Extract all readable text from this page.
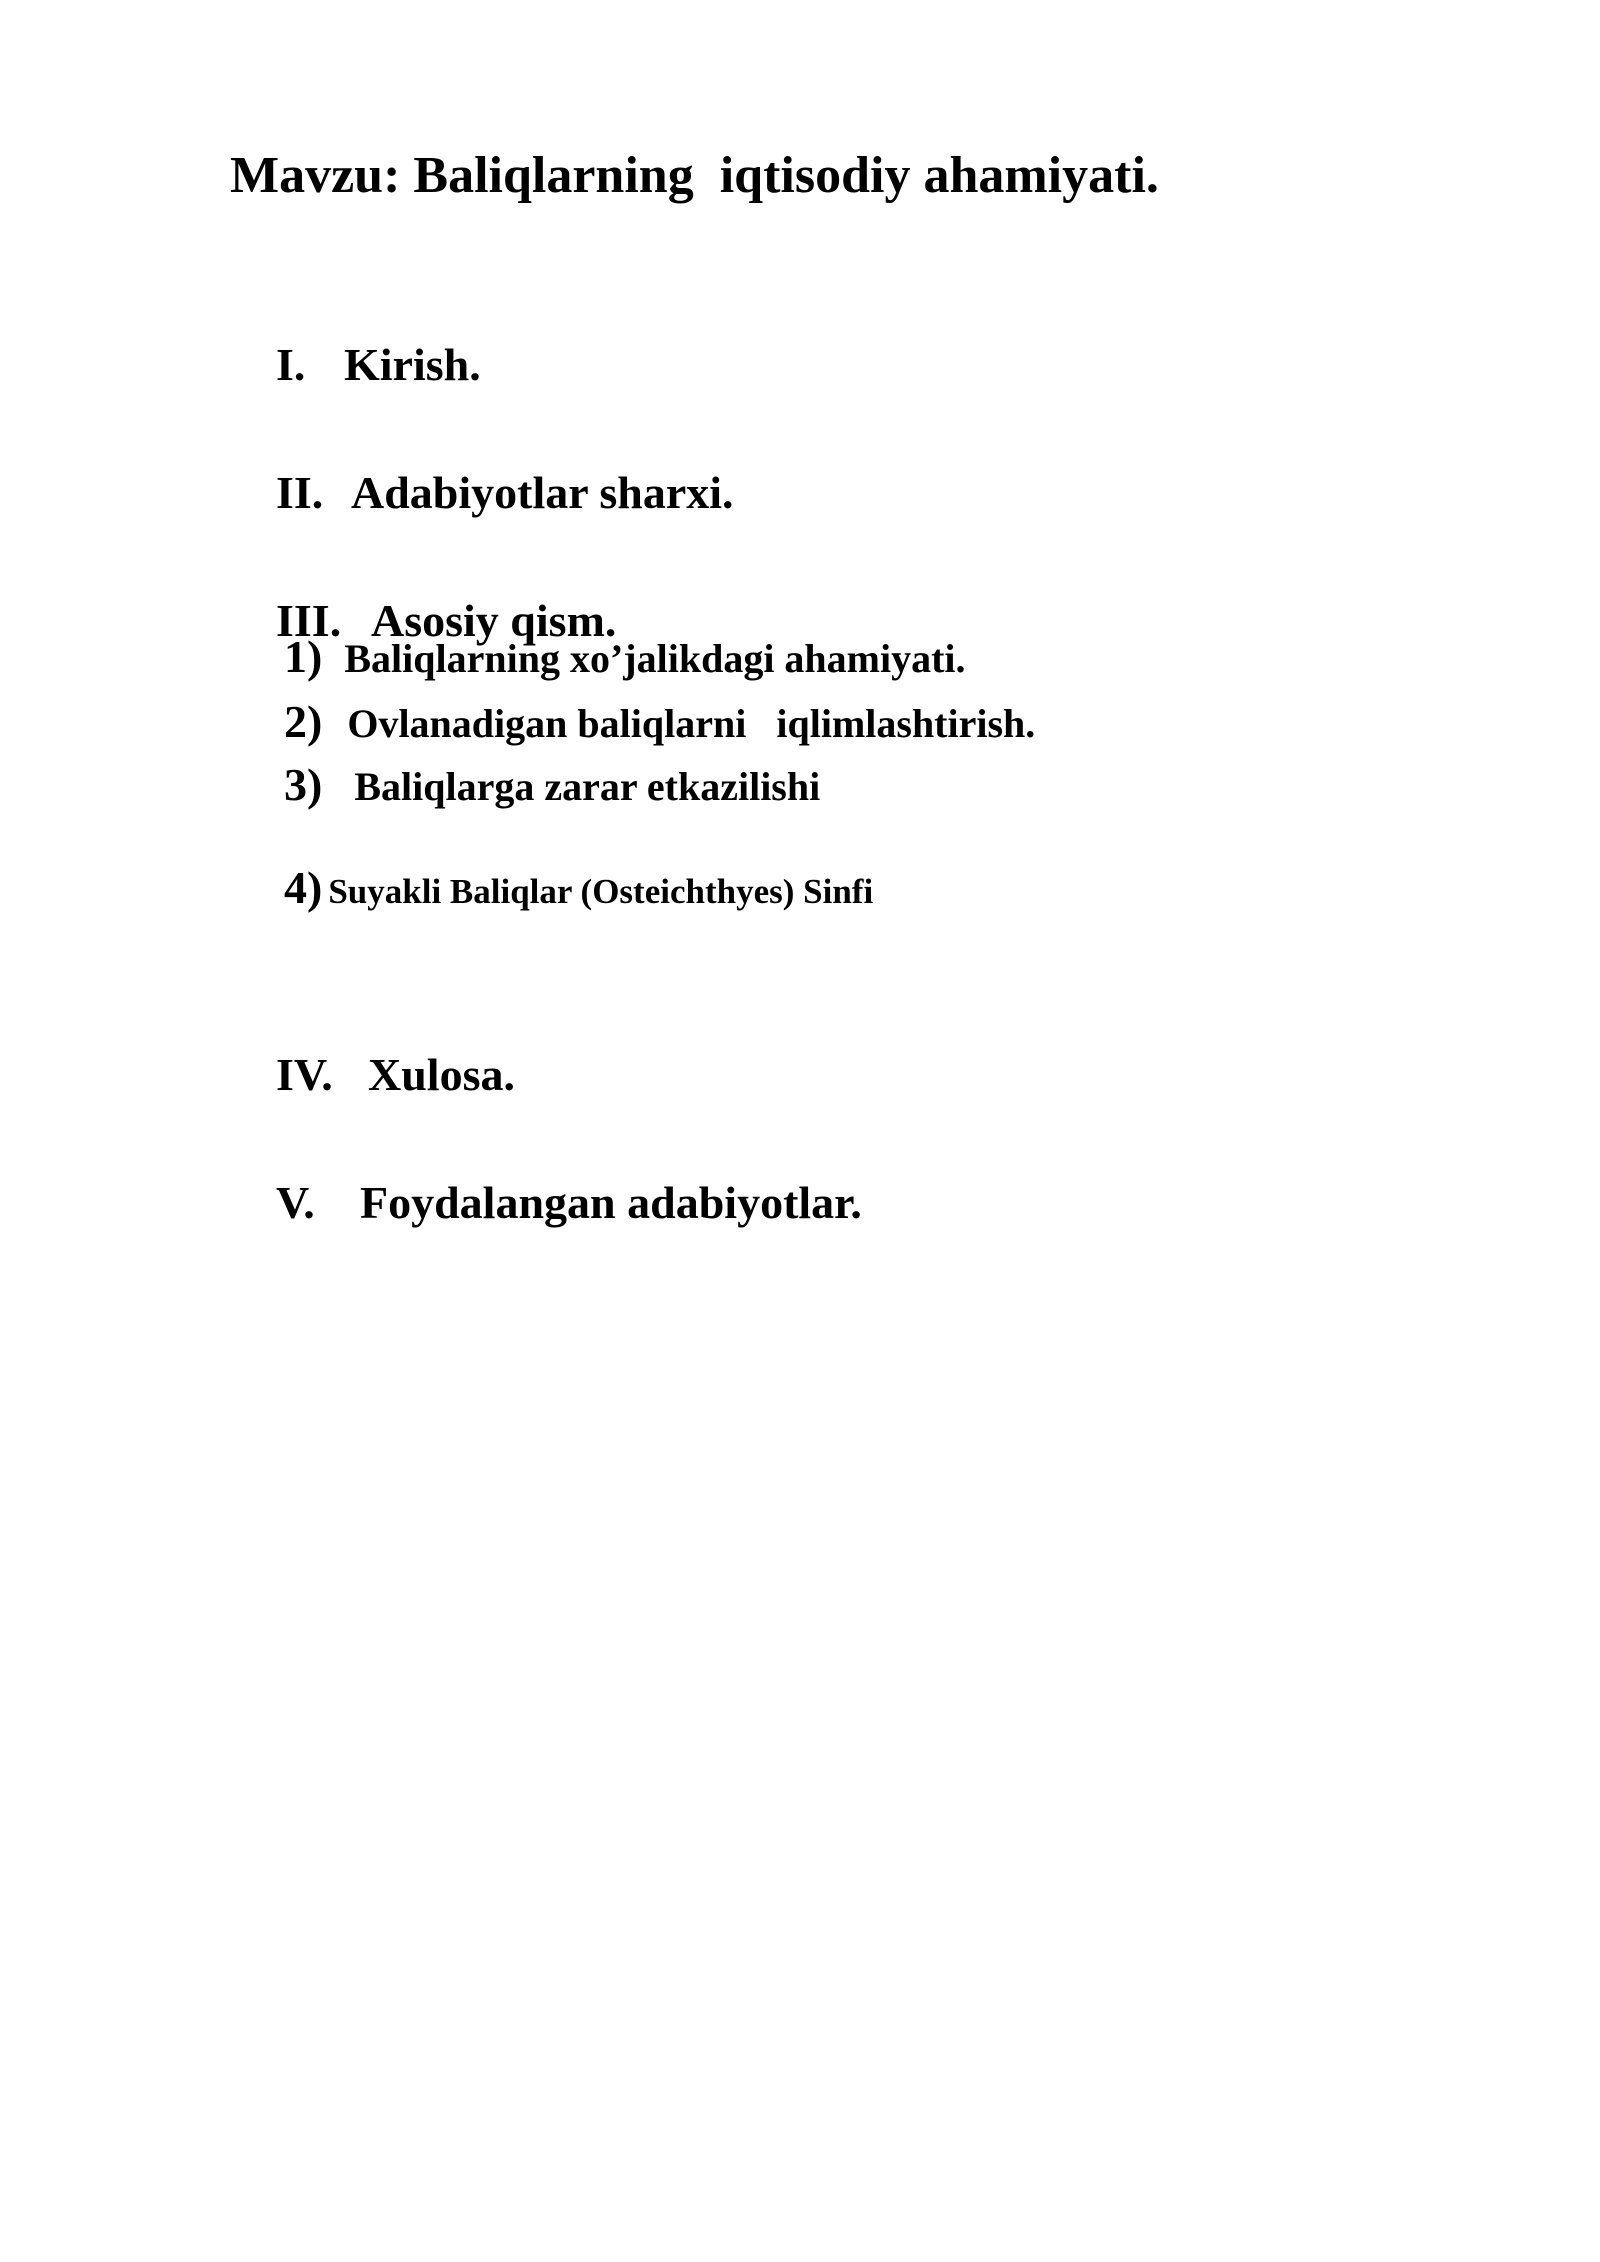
Mavzu: Baliqlarning  iqtisodiy ahamiyati.

I. Kirish.

II. Adabiyotlar sharxi.

III. Asosiy qism.

1) Baliqlarning xo’jalikdagi ahamiyati.

2) Ovlanadigan baliqlarni   iqlimlashtirish.

3) Baliqlarga zarar etkazilishi

4) Suyakli Baliqlar (Osteichthyes) Sinfi

IV. Xulosa.

V. Foydalangan adabiyotlar.
